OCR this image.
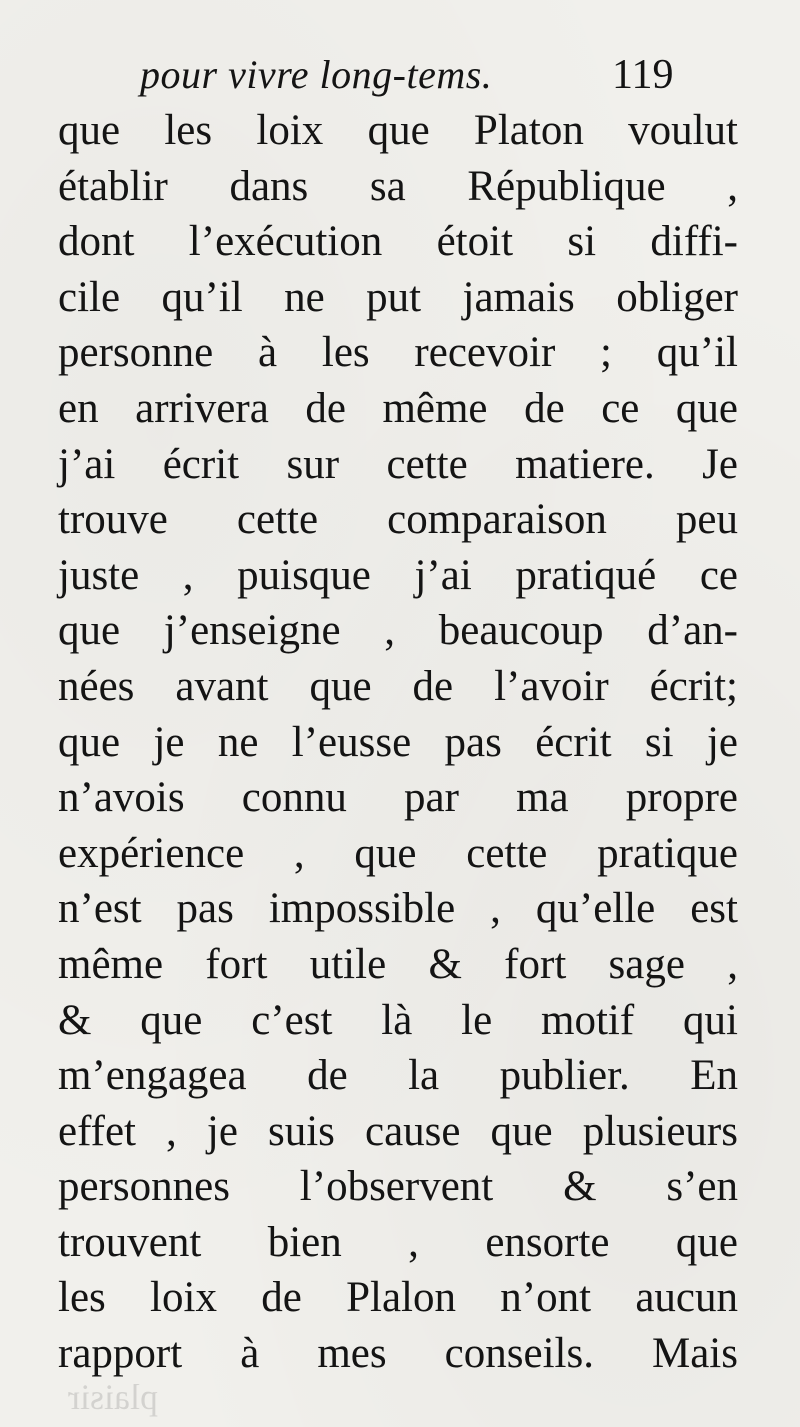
pour vivre long-tems.	119
que les loix que Platon voulut
établir dans sa République ,
dont l’exécution étoit si diffi-
cile qu’il ne put jamais obliger
personne à les recevoir ; qu’il
en arrivera de même de ce que
j’ai écrit sur cette matiere. Je
trouve cette comparaison peu
juste , puisque j’ai pratiqué ce
que j’enseigne , beaucoup d’an-
nées avant que de l’avoir écrit;
que je ne l’eusse pas écrit si je
n’avois connu par ma propre
expérience , que cette pratique
n’est pas impossible , qu’elle est
même fort utile & fort sage ,
& que c’est là le motif qui
m’engagea de la publier. En
effet , je suis cause que plusieurs
personnes l’observent & s’en
trouvent bien , ensorte que
les loix de Plalon n’ont aucun
rapport à mes conseils. Mais
plaisir
